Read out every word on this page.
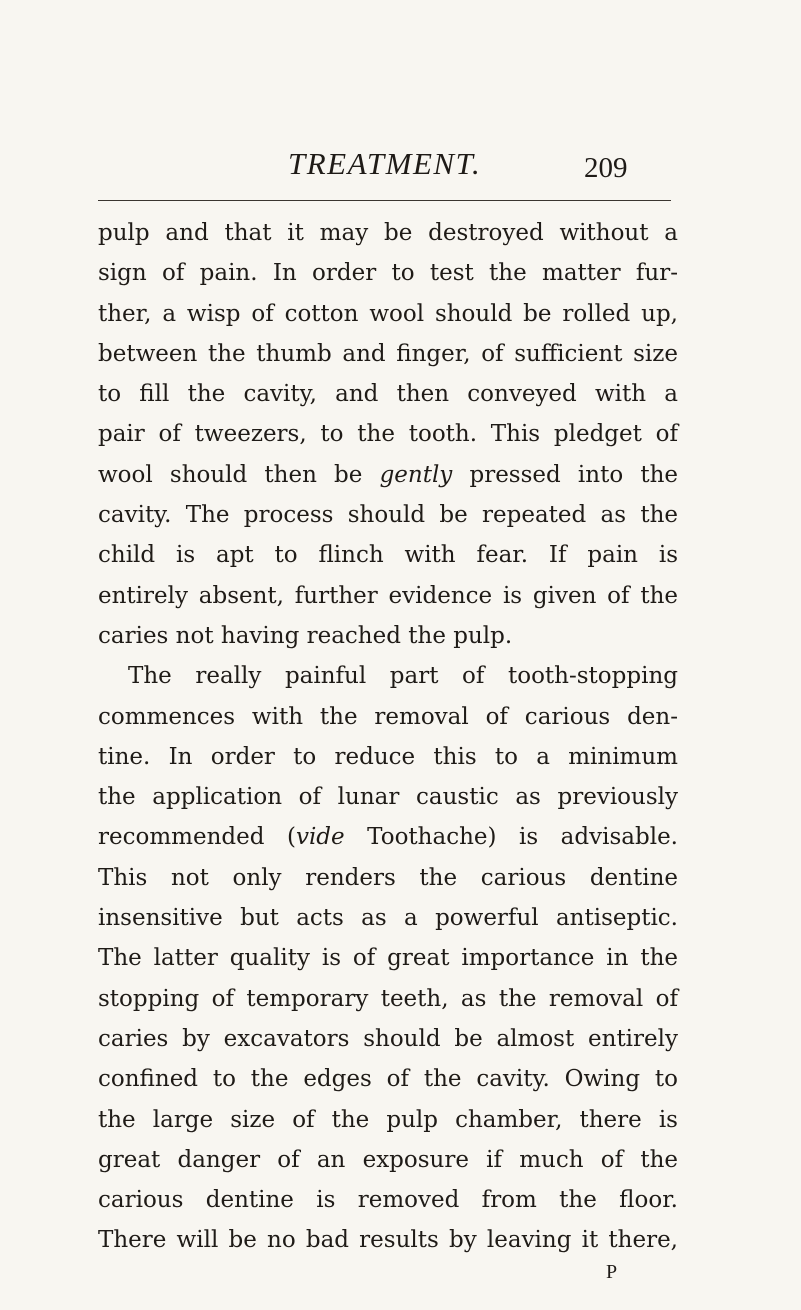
TREATMENT.	209
pulp and that it may be destroyed without a
sign of pain. In order to test the matter fur-
ther, a wisp of cotton wool should be rolled up,
between the thumb and finger, of sufficient size
to fill the cavity, and then conveyed with a
pair of tweezers, to the tooth. This pledget of
wool should then be gently pressed into the
cavity. The process should be repeated as the
child is apt to flinch with fear. If pain is
entirely absent, further evidence is given of the
caries not having reached the pulp.
The really painful part of tooth-stopping
commences with the removal of carious den-
tine. In order to reduce this to a minimum
the application of lunar caustic as previously
recommended (vide Toothache) is advisable.
This not only renders the carious dentine
insensitive but acts as a powerful antiseptic.
The latter quality is of great importance in the
stopping of temporary teeth, as the removal of
caries by excavators should be almost entirely
confined to the edges of the cavity. Owing to
the large size of the pulp chamber, there is
great danger of an exposure if much of the
carious dentine is removed from the floor.
There will be no bad results by leaving it there,
P
